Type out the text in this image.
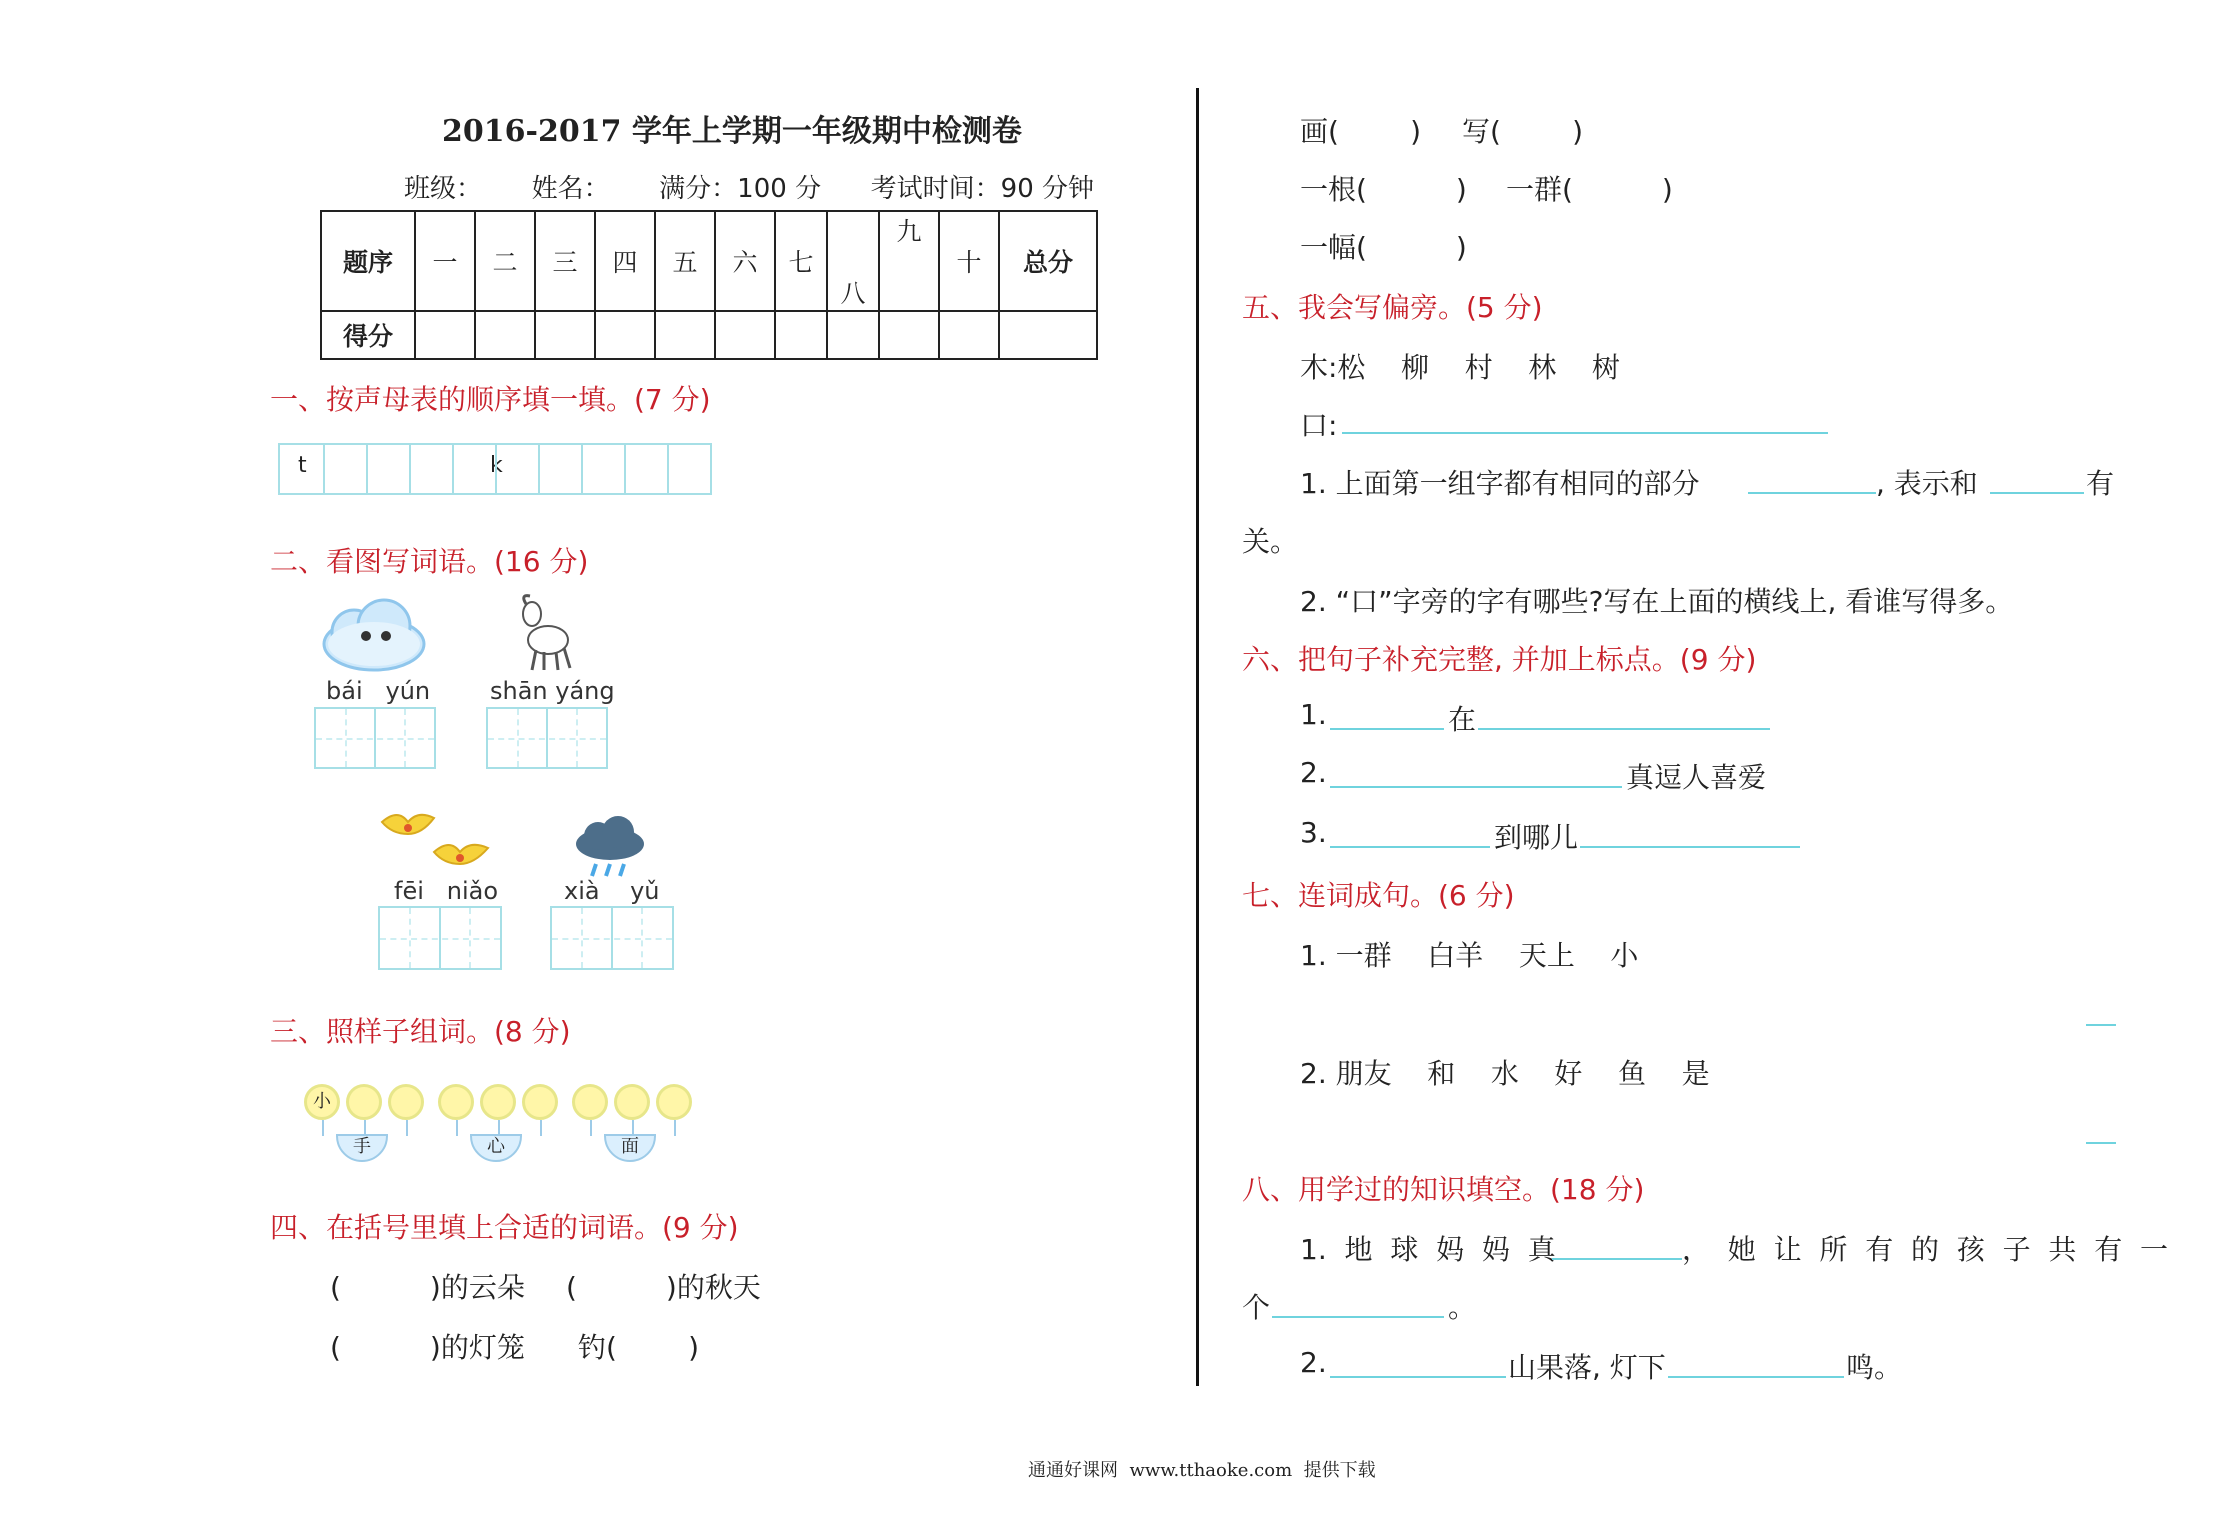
2016-2017 学年上学期一年级期中检测卷
班级：      姓名：      满分：100 分      考试时间：90 分钟
题序	一	二	三	四	五	六	七	八	九	十	总分
得分											
一、按声母表的顺序填一填。(7 分)
t	k
二、看图写词语。(16 分)
bái   yún shān yáng
fēi   niǎo	xià    yǔ
三、照样子组词。(8 分)
小
手	心	面
四、在括号里填上合适的词语。(9 分)
(          )的云朵 (          )的秋天
(          )的灯笼 钓(        )
画(        ) 写(        )
一根(          ) 一群(          )
一幅(          )
五、我会写偏旁。(5 分)
木:松    柳    村    林    树
口:
1. 上面第一组字都有相同的部分	, 表示和	有
关。
2. “口”字旁的字有哪些?写在上面的横线上, 看谁写得多。
六、把句子补充完整, 并加上标点。(9 分)
1.	在
2.	真逗人喜爱
3.	到哪儿
七、连词成句。(6 分)
1. 一群    白羊    天上    小
2. 朋友    和    水    好    鱼    是
八、用学过的知识填空。(18 分)
1.  地  球  妈  妈  真	，  她  让  所  有  的  孩  子  共  有  一
个	。
2.	山果落, 灯下	鸣。
通通好课网  www.tthaoke.com  提供下载
